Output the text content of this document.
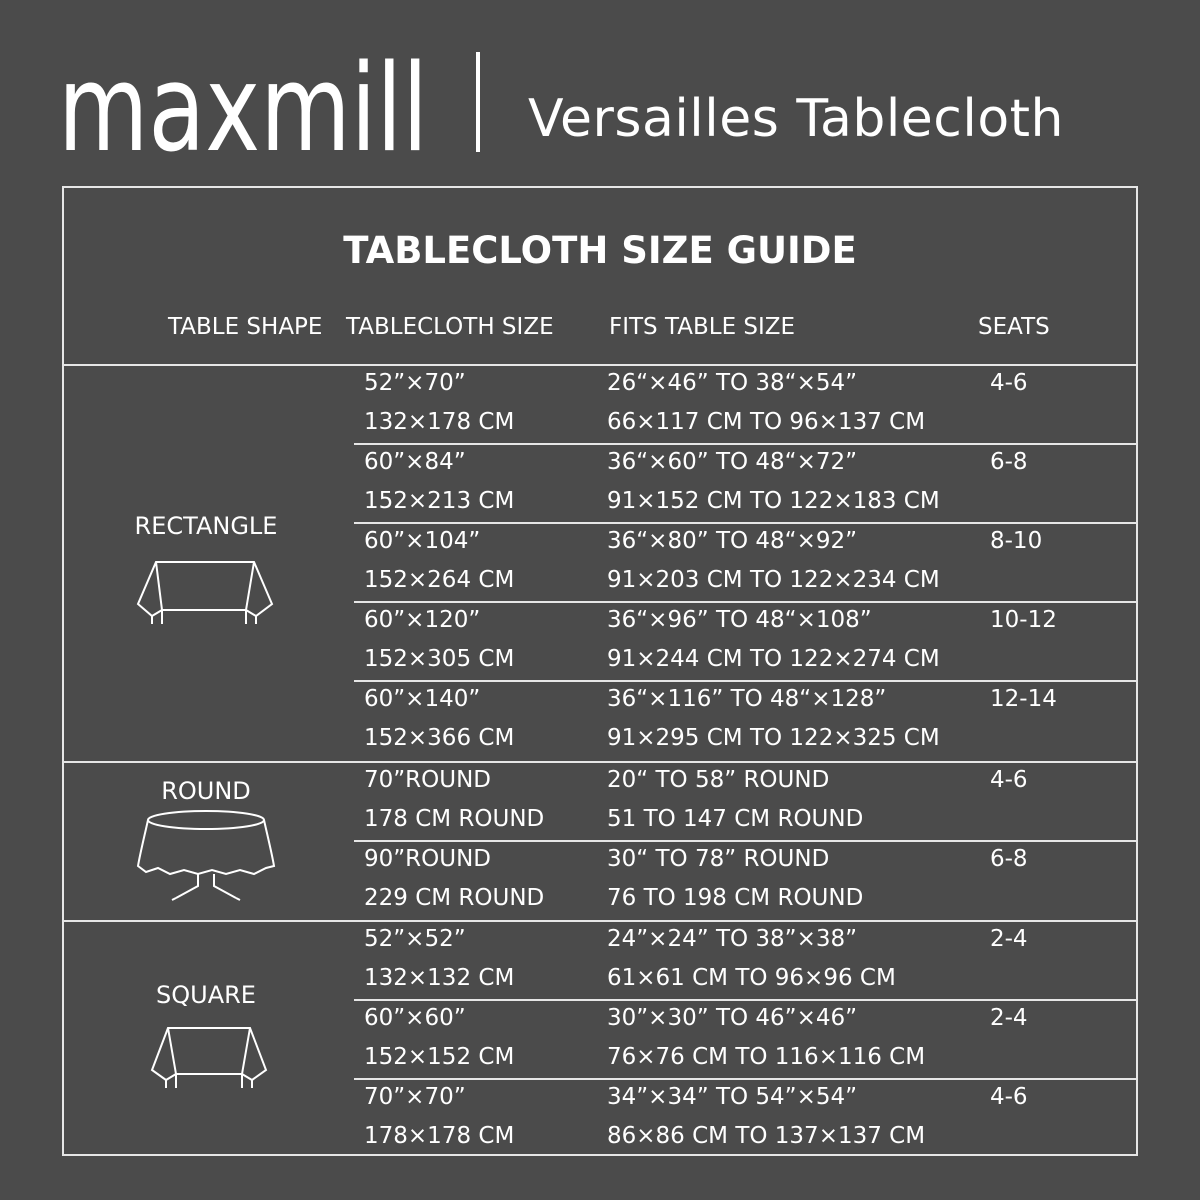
maxmill Versailles Tablecloth
TABLECLOTH SIZE GUIDE
TABLE SHAPE TABLECLOTH SIZE FITS TABLE SIZE	SEATS
RECTANGLE
ROUND
SQUARE
52”×70”
132×178 CM
26“×46” TO 38“×54”
66×117 CM TO 96×137 CM
4-6
60”×84”
152×213 CM
36“×60” TO 48“×72”
91×152 CM TO 122×183 CM
6-8
60”×104”
152×264 CM
36“×80” TO 48“×92”
91×203 CM TO 122×234 CM
8-10
60”×120”
152×305 CM
36“×96” TO 48“×108”
91×244 CM TO 122×274 CM
10-12
60”×140”
152×366 CM
36“×116” TO 48“×128”
91×295 CM TO 122×325 CM
12-14
70”ROUND
178 CM ROUND
20“ TO 58” ROUND
51 TO 147 CM ROUND
4-6
90”ROUND
229 CM ROUND
30“ TO 78” ROUND
76 TO 198 CM ROUND
6-8
52”×52”
132×132 CM
24”×24” TO 38”×38”
61×61 CM TO 96×96 CM
2-4
60”×60”
152×152 CM
30”×30” TO 46”×46”
76×76 CM TO 116×116 CM
2-4
70”×70”
178×178 CM
34”×34” TO 54”×54”
86×86 CM TO 137×137 CM
4-6
